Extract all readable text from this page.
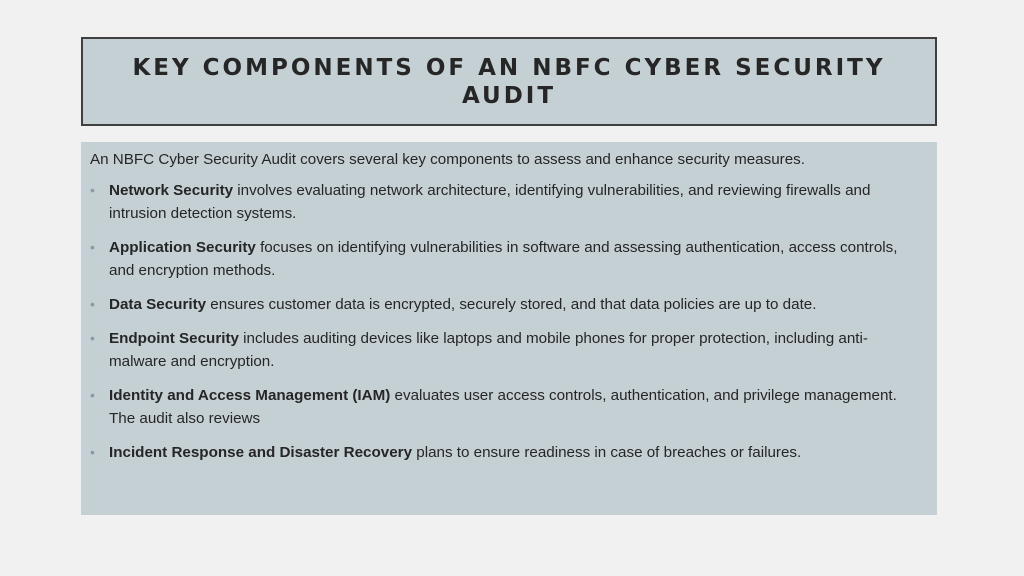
KEY COMPONENTS OF AN NBFC CYBER SECURITY AUDIT

An NBFC Cyber Security Audit covers several key components to assess and enhance security measures.

• Network Security involves evaluating network architecture, identifying vulnerabilities, and reviewing firewalls and intrusion detection systems.
• Application Security focuses on identifying vulnerabilities in software and assessing authentication, access controls, and encryption methods.
• Data Security ensures customer data is encrypted, securely stored, and that data policies are up to date.
• Endpoint Security includes auditing devices like laptops and mobile phones for proper protection, including anti-malware and encryption.
• Identity and Access Management (IAM) evaluates user access controls, authentication, and privilege management. The audit also reviews
• Incident Response and Disaster Recovery plans to ensure readiness in case of breaches or failures.
